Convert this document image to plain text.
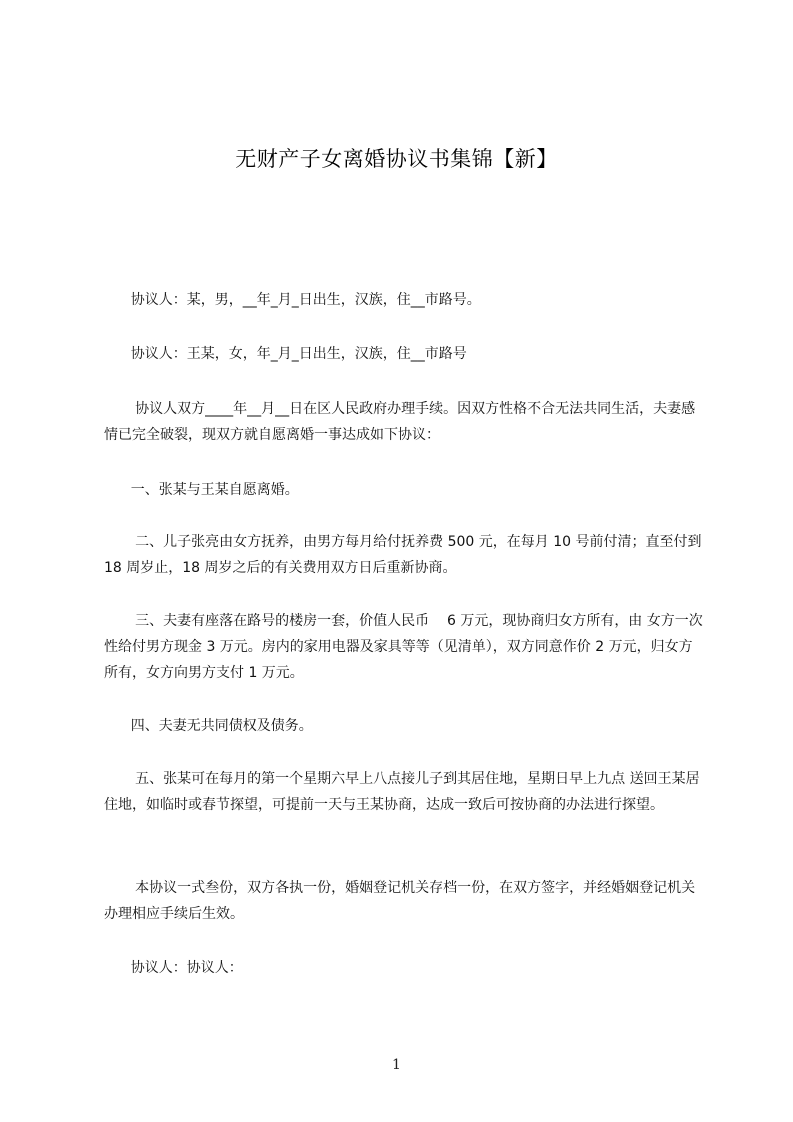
无财产子女离婚协议书集锦【新】
协议人：某，男，__年_月_日出生，汉族，住__市路号。
协议人：王某，女，年_月_日出生，汉族，住__市路号
协议人双方____年__月__日在区人民政府办理手续。因双方性格不合无法共同生活，夫妻感情已完全破裂，现双方就自愿离婚一事达成如下协议：
一、张某与王某自愿离婚。
二、儿子张亮由女方抚养，由男方每月给付抚养费 500 元，在每月 10 号前付清；直至付到 18 周岁止，18 周岁之后的有关费用双方日后重新协商。
三、夫妻有座落在路号的楼房一套，价值人民币    6 万元，现协商归女方所有，由 女方一次性给付男方现金 3 万元。房内的家用电器及家具等等（见清单），双方同意作价 2 万元，归女方所有，女方向男方支付 1 万元。
四、夫妻无共同债权及债务。
五、张某可在每月的第一个星期六早上八点接儿子到其居住地，星期日早上九点 送回王某居住地，如临时或春节探望，可提前一天与王某协商，达成一致后可按协商的办法进行探望。
本协议一式叁份，双方各执一份，婚姻登记机关存档一份，在双方签字，并经婚姻登记机关办理相应手续后生效。
协议人：协议人：
1
